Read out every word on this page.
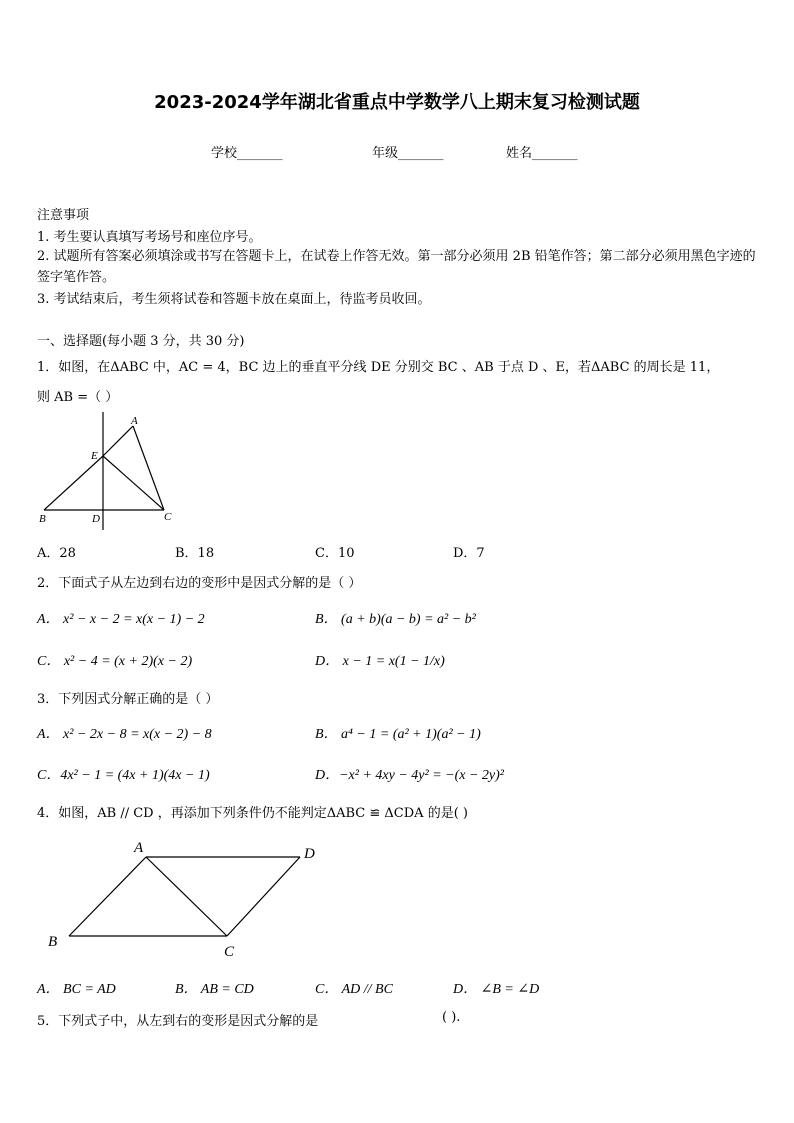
2023-2024学年湖北省重点中学数学八上期末复习检测试题
学校_______	年级_______	姓名_______
注意事项
1. 考生要认真填写考场号和座位序号。
2. 试题所有答案必须填涂或书写在答题卡上，在试卷上作答无效。第一部分必须用 2B 铅笔作答；第二部分必须用黑色字迹的签字笔作答。
3. 考试结束后，考生须将试卷和答题卡放在桌面上，待监考员收回。
一、选择题(每小题 3 分，共 30 分)
1．如图，在ΔABC 中，AC = 4，BC 边上的垂直平分线 DE 分别交 BC 、AB 于点 D 、E，若ΔABC 的周长是 11，
则 AB =（ ）
A
E
B	D	C
A．28	B．18	C．10	D．7
2．下面式子从左边到右边的变形中是因式分解的是（ ）
A． x² − x − 2 = x(x − 1) − 2	B． (a + b)(a − b) = a² − b²
C． x² − 4 = (x + 2)(x − 2)	D． x − 1 = x(1 − 1/x)
3．下列因式分解正确的是（ ）
A． x² − 2x − 8 = x(x − 2) − 8	B． a⁴ − 1 = (a² + 1)(a² − 1)
C．4x² − 1 = (4x + 1)(4x − 1)	D．−x² + 4xy − 4y² = −(x − 2y)²
4．如图，AB // CD ，再添加下列条件仍不能判定ΔABC ≌ ΔCDA 的是( )
A	D
B
C
A． BC = AD	B． AB = CD	C． AD // BC	D． ∠B = ∠D
5．下列式子中，从左到右的变形是因式分解的是	( ).
